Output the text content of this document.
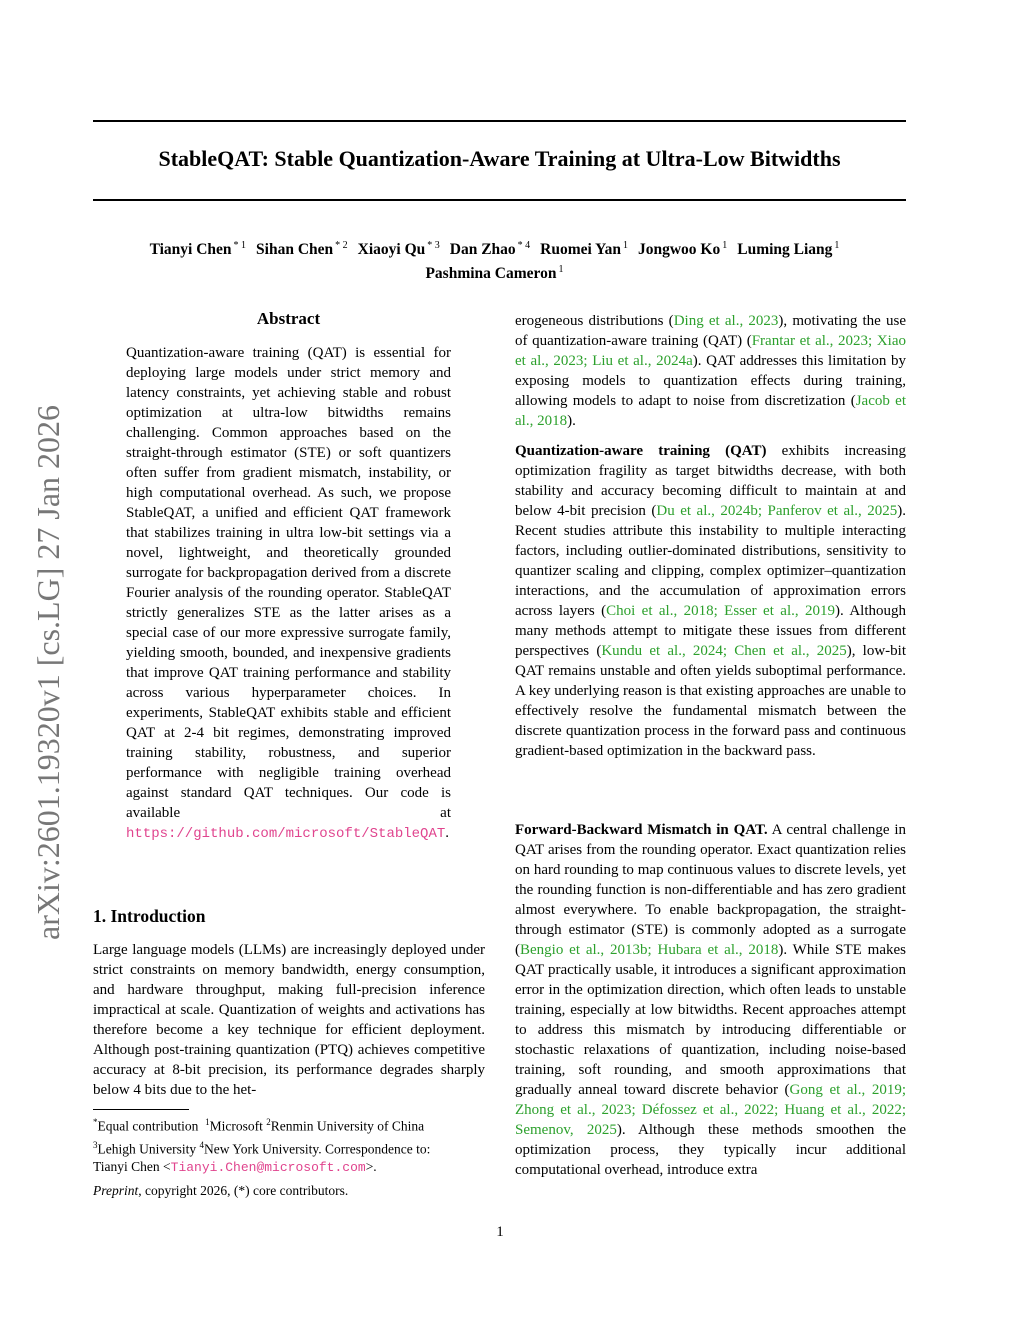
arXiv:2601.19320v1 [cs.LG] 27 Jan 2026
StableQAT: Stable Quantization-Aware Training at Ultra-Low Bitwidths
Tianyi Chen $^{* 1}$ Sihan Chen $^{* 2}$ Xiaoyi Qu $^{* 3}$ Dan Zhao $^{* 4}$ Ruomei Yan $^1$ Jongwoo Ko $^1$ Luming Liang $^1$
Pashmina Cameron $^1$
Abstract
Quantization-aware training (QAT) is essential for deploying large models under strict memory and latency constraints, yet achieving stable and robust optimization at ultra-low bitwidths remains challenging. Common approaches based on the straight-through estimator (STE) or soft quantizers often suffer from gradient mismatch, instability, or high computational overhead. As such, we propose StableQAT, a unified and efficient QAT framework that stabilizes training in ultra low-bit settings via a novel, lightweight, and theoretically grounded surrogate for backpropagation derived from a discrete Fourier analysis of the rounding operator. StableQAT strictly generalizes STE as the latter arises as a special case of our more expressive surrogate family, yielding smooth, bounded, and inexpensive gradients that improve QAT training performance and stability across various hyperparameter choices. In experiments, StableQAT exhibits stable and efficient QAT at 2-4 bit regimes, demonstrating improved training stability, robustness, and superior performance with negligible training overhead against standard QAT techniques. Our code is available at https://github.com/microsoft/StableQAT.
1. Introduction
Large language models (LLMs) are increasingly deployed under strict constraints on memory bandwidth, energy consumption, and hardware throughput, making full-precision inference impractical at scale. Quantization of weights and activations has therefore become a key technique for efficient deployment. Although post-training quantization (PTQ) achieves competitive accuracy at 8-bit precision, its performance degrades sharply below 4 bits due to the het-
*Equal contribution $^1$Microsoft $^2$Renmin University of China
$^3$Lehigh University $^4$New York University. Correspondence to:
Tianyi Chen <Tianyi.Chen@microsoft.com>.
Preprint, copyright 2026, (*) core contributors.
erogeneous distributions (Ding et al., 2023), motivating the use of quantization-aware training (QAT) (Frantar et al., 2023; Xiao et al., 2023; Liu et al., 2024a). QAT addresses this limitation by exposing models to quantization effects during training, allowing models to adapt to noise from discretization (Jacob et al., 2018).
Quantization-aware training (QAT) exhibits increasing optimization fragility as target bitwidths decrease, with both stability and accuracy becoming difficult to maintain at and below 4-bit precision (Du et al., 2024b; Panferov et al., 2025). Recent studies attribute this instability to multiple interacting factors, including outlier-dominated distributions, sensitivity to quantizer scaling and clipping, complex optimizer–quantization interactions, and the accumulation of approximation errors across layers (Choi et al., 2018; Esser et al., 2019). Although many methods attempt to mitigate these issues from different perspectives (Kundu et al., 2024; Chen et al., 2025), low-bit QAT remains unstable and often yields suboptimal performance. A key underlying reason is that existing approaches are unable to effectively resolve the fundamental mismatch between the discrete quantization process in the forward pass and continuous gradient-based optimization in the backward pass.
Forward-Backward Mismatch in QAT. A central challenge in QAT arises from the rounding operator. Exact quantization relies on hard rounding to map continuous values to discrete levels, yet the rounding function is non-differentiable and has zero gradient almost everywhere. To enable backpropagation, the straight-through estimator (STE) is commonly adopted as a surrogate (Bengio et al., 2013b; Hubara et al., 2018). While STE makes QAT practically usable, it introduces a significant approximation error in the optimization direction, which often leads to unstable training, especially at low bitwidths. Recent approaches attempt to address this mismatch by introducing differentiable or stochastic relaxations of quantization, including noise-based training, soft rounding, and smooth approximations that gradually anneal toward discrete behavior (Gong et al., 2019; Zhong et al., 2023; Défossez et al., 2022; Huang et al., 2022; Semenov, 2025). Although these methods smoothen the optimization process, they typically incur additional computational overhead, introduce extra
1
